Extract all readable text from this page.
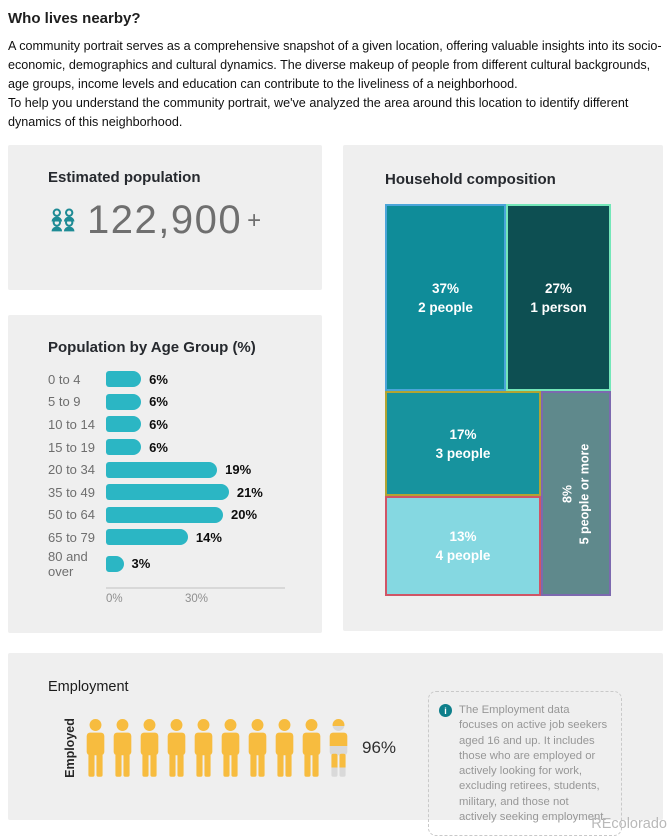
Who lives nearby?

A community portrait serves as a comprehensive snapshot of a given location, offering valuable insights into its socio-economic, demographics and cultural dynamics. The diverse makeup of people from different cultural backgrounds, age groups, income levels and education can contribute to the liveliness of a neighborhood.

To help you understand the community portrait, we've analyzed the area around this location to identify different dynamics of this neighborhood.

Estimated population
122,900 +
Population by Age Group (%)
0 to 4	6%
5 to 9	6%
10 to 14	6%
15 to 19	6%
20 to 34	19%
35 to 49	21%
50 to 64	20%
65 to 79	14%
80 and over	3%
0%	30%
Household composition
37%
2 people
27%
1 person
17%
3 people
13%
4 people
8% 5 people or more
Employment
Employed	96%
i	The Employment data focuses on active job seekers aged 16 and up. It includes those who are employed or actively looking for work, excluding retirees, students, military, and those not actively seeking employment.
REcolorado
